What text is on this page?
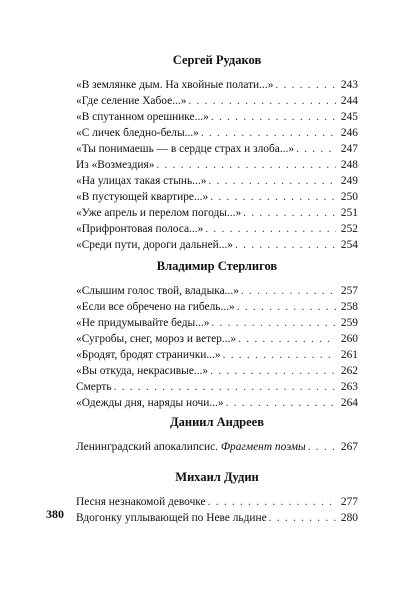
Сергей Рудаков
«В землянке дым. На хвойные полати...» . . .	243
«Где селение Хабое...» . . .	244
«В спутанном орешнике...» . . .	245
«С личек бледно-белы...» . . .	246
«Ты понимаешь — в сердце страх и злоба...» . . .	247
Из «Возмездия» . . .	248
«На улицах такая стынь...» . . .	249
«В пустующей квартире...» . . .	250
«Уже апрель и перелом погоды...» . . .	251
«Прифронтовая полоса...» . . .	252
«Среди пути, дороги дальней...» . . .	254
Владимир Стерлигов
«Слышим голос твой, владыка...» . . .	257
«Если все обречено на гибель...» . . .	258
«Не придумывайте беды...» . . .	259
«Сугробы, снег, мороз и ветер...» . . .	260
«Бродят, бродят странички...» . . .	261
«Вы откуда, некрасивые...» . . .	262
Смерть . . .	263
«Одежды дня, наряды ночи...» . . .	264
Даниил Андреев
Ленинградский апокалипсис. Фрагмент поэмы . . .	267
Михаил Дудин
Песня незнакомой девочке . . .	277
Вдогонку уплывающей по Неве льдине . . .	280
380
